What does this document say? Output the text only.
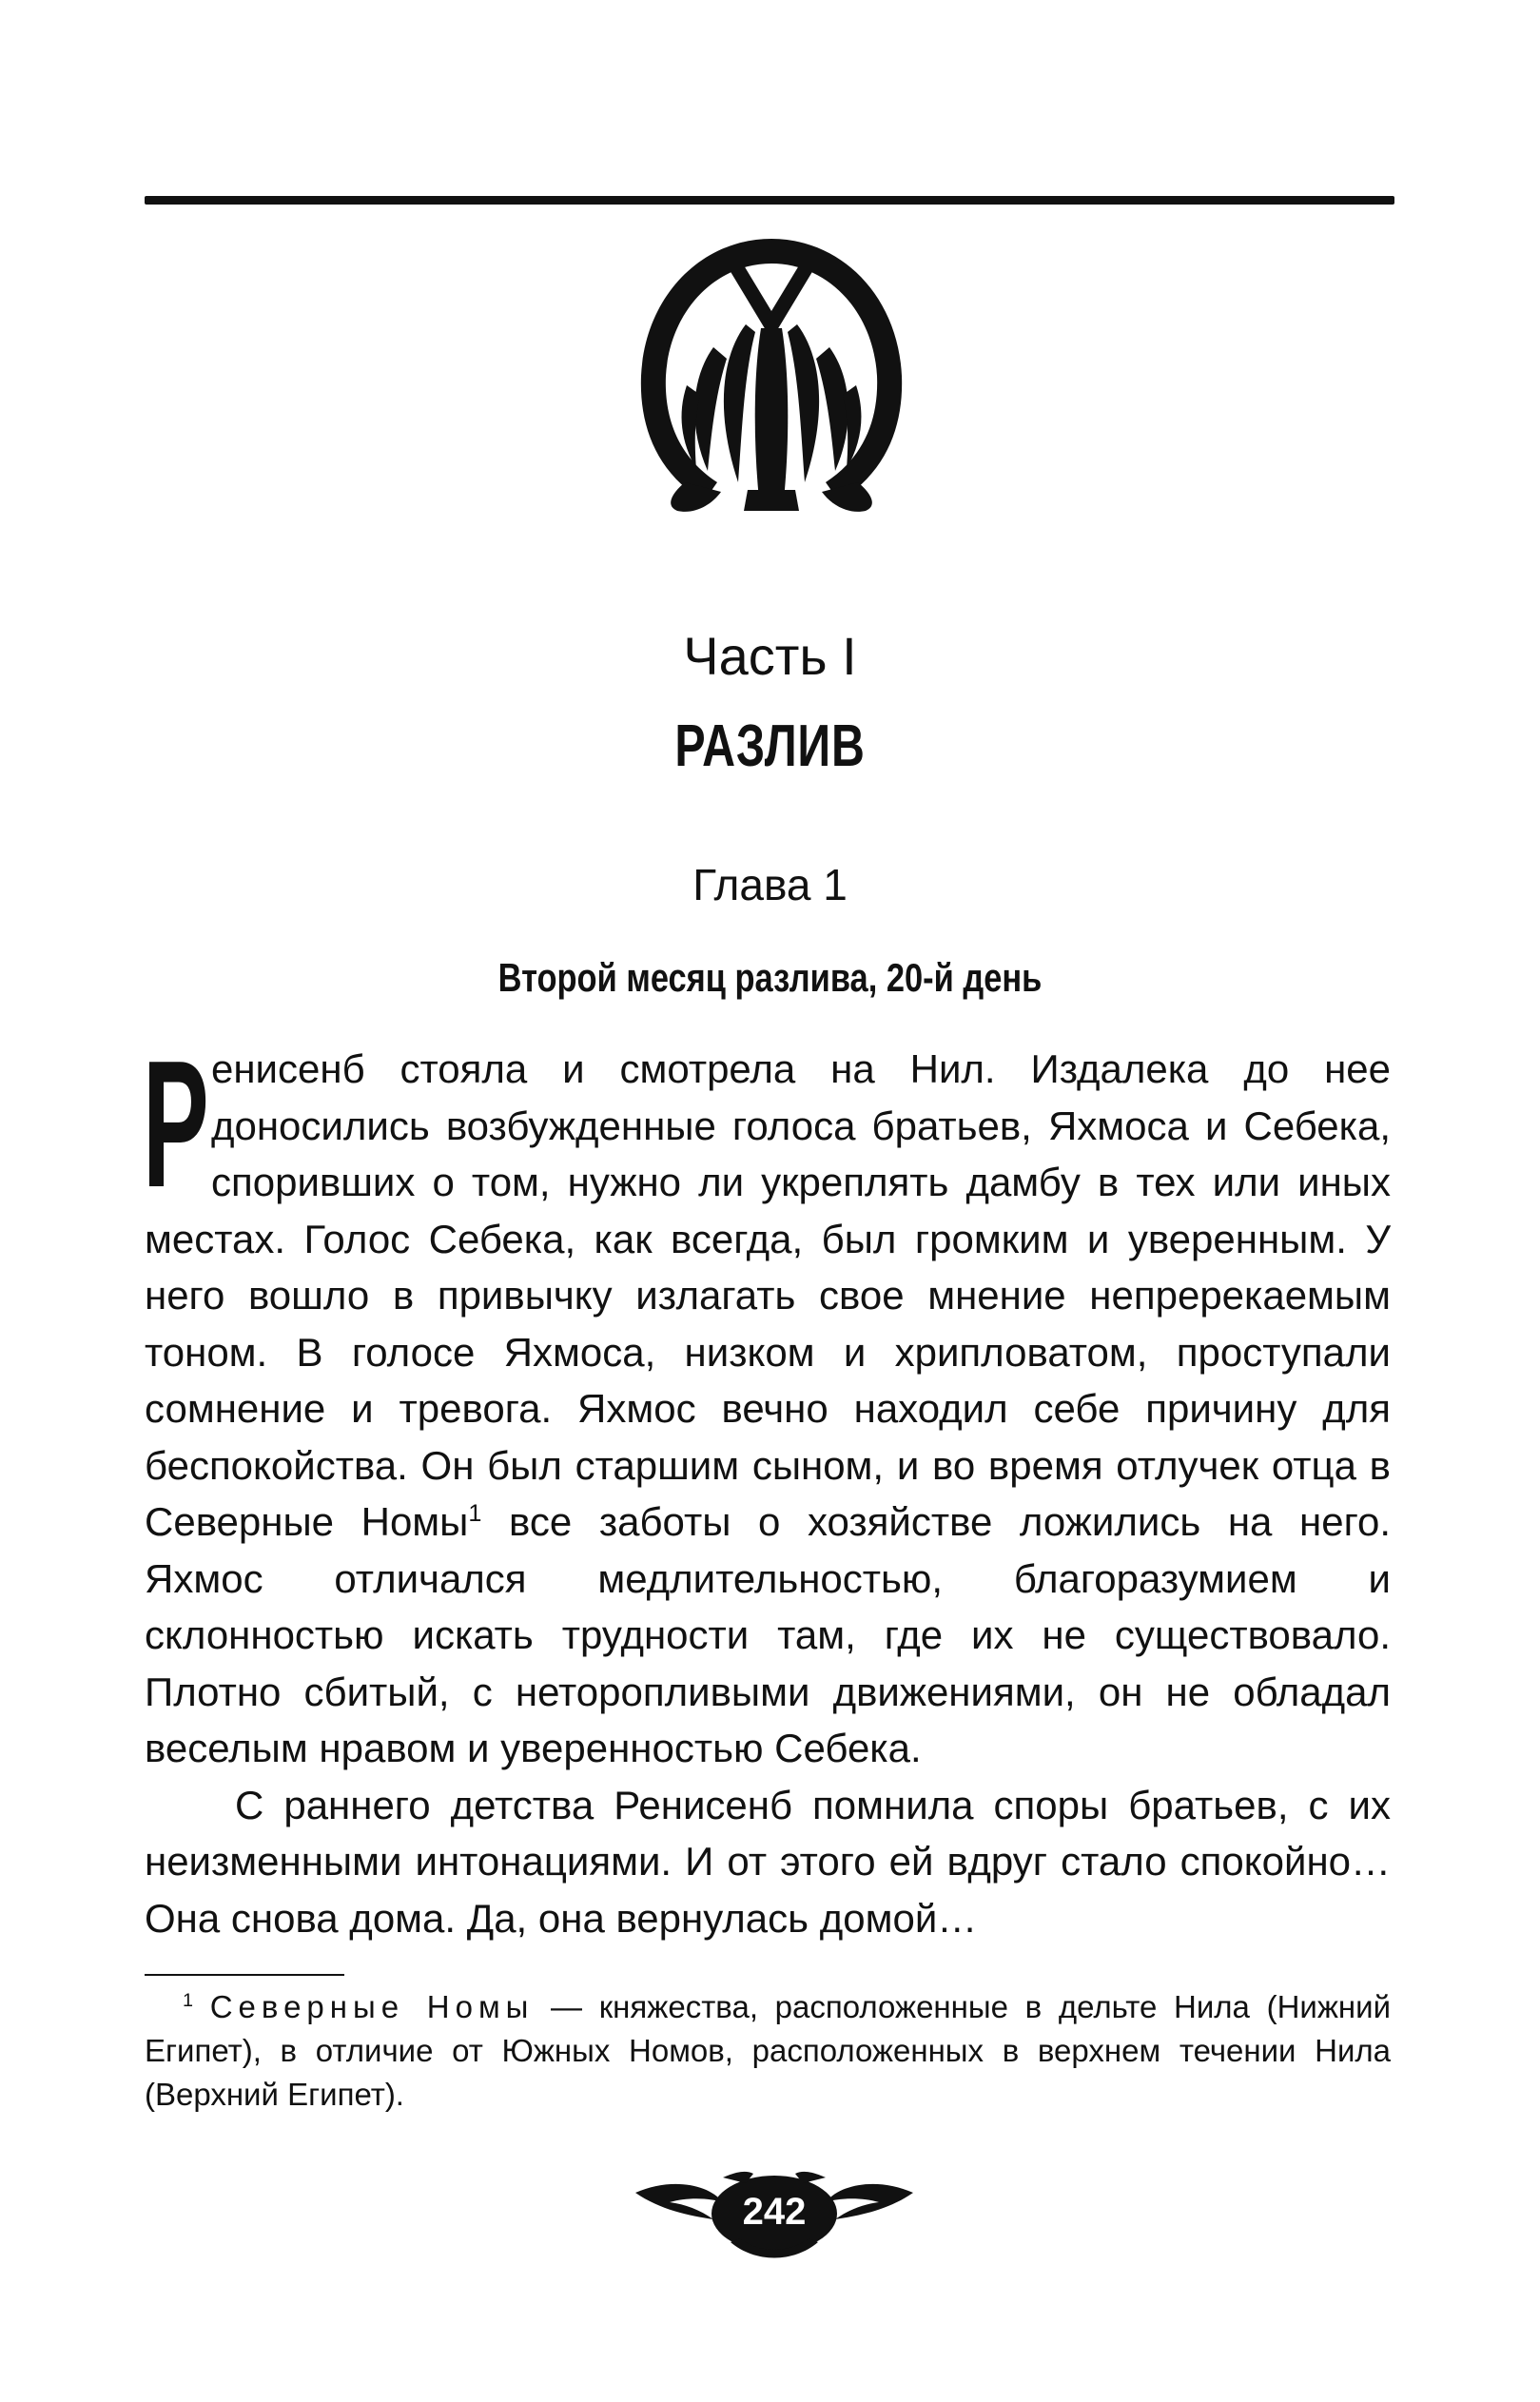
Часть I
РАЗЛИВ
Глава 1
Второй месяц разлива, 20-й день

Ренисенб стояла и смотрела на Нил. Издалека до нее доносились возбужденные голоса братьев, Яхмоса и Себека, споривших о том, нужно ли укреплять дамбу в тех или иных местах. Голос Себека, как всегда, был громким и уверенным. У него вошло в привычку излагать свое мнение непререкаемым тоном. В голосе Яхмоса, низком и хрипловатом, проступали сомнение и тревога. Яхмос вечно находил себе причину для беспокойства. Он был старшим сыном, и во время отлучек отца в Северные Номы$^1$ все заботы о хозяйстве ложились на него. Яхмос отличался медлительностью, благоразумием и склонностью искать трудности там, где их не существовало. Плотно сбитый, с неторопливыми движениями, он не обладал веселым нравом и уверенностью Себека.

С раннего детства Ренисенб помнила споры братьев, с их неизменными интонациями. И от этого ей вдруг стало спокойно… Она снова дома. Да, она вернулась домой…

$^1$ Северные Номы — княжества, расположенные в дельте Нила (Нижний Египет), в отличие от Южных Номов, расположенных в верхнем течении Нила (Верхний Египет).
242
